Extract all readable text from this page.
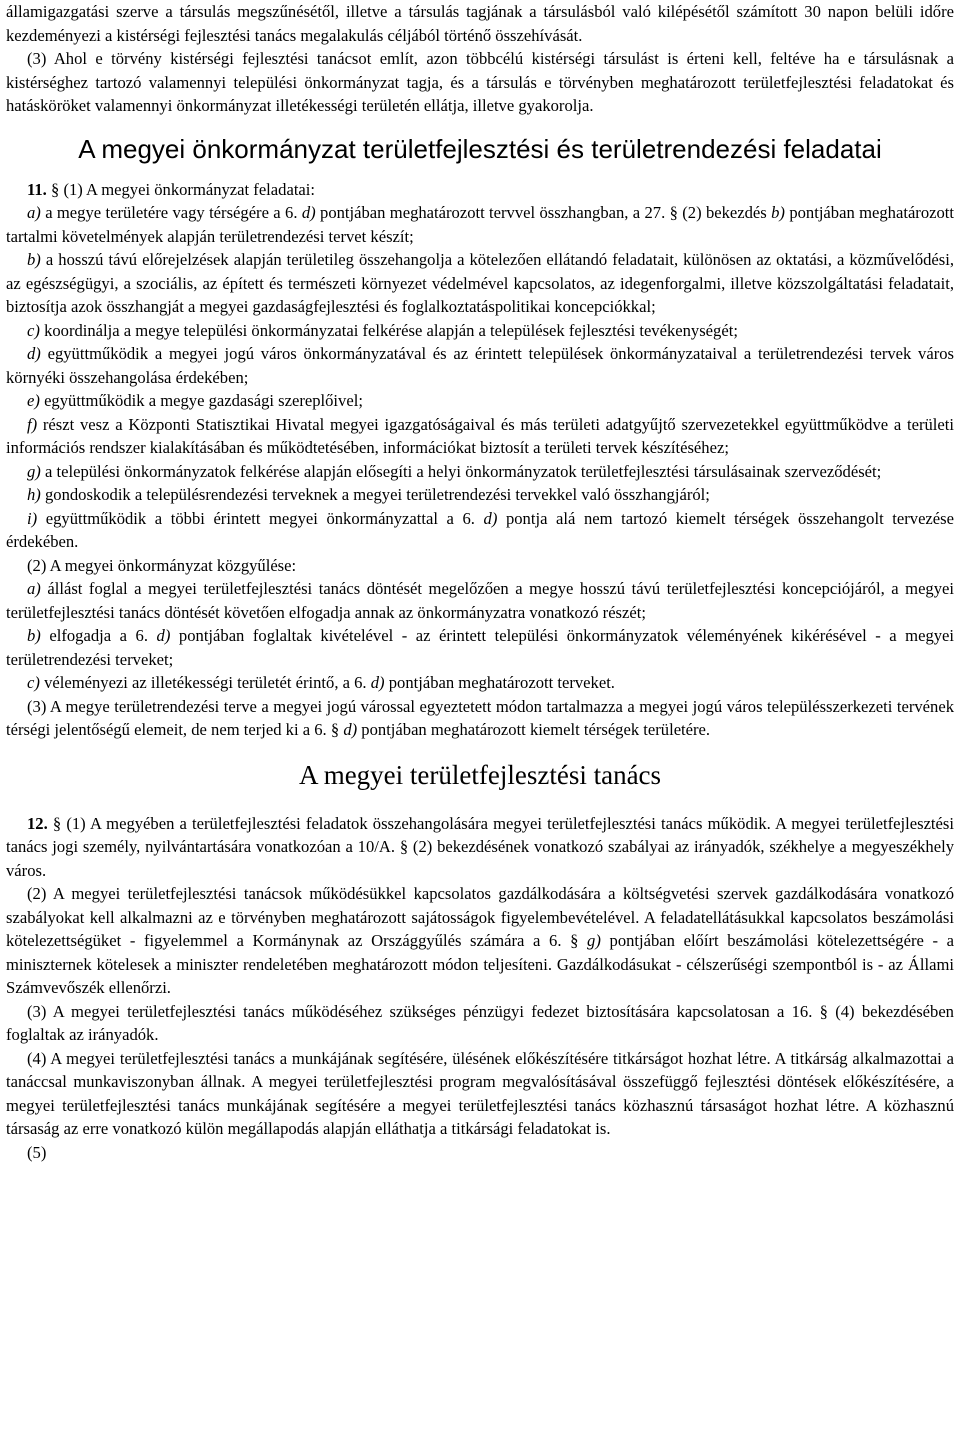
államigazgatási szerve a társulás megszűnésétől, illetve a társulás tagjának a társulásból való kilépésétől számított 30 napon belüli időre kezdeményezi a kistérségi fejlesztési tanács megalakulás céljából történő összehívását.

(3) Ahol e törvény kistérségi fejlesztési tanácsot említ, azon többcélú kistérségi társulást is érteni kell, feltéve ha e társulásnak a kistérséghez tartozó valamennyi települési önkormányzat tagja, és a társulás e törvényben meghatározott területfejlesztési feladatokat és hatásköröket valamennyi önkormányzat illetékességi területén ellátja, illetve gyakorolja.

A megyei önkormányzat területfejlesztési és területrendezési feladatai

11. § (1) A megyei önkormányzat feladatai:

a) a megye területére vagy térségére a 6. d) pontjában meghatározott tervvel összhangban, a 27. § (2) bekezdés b) pontjában meghatározott tartalmi követelmények alapján területrendezési tervet készít;

b) a hosszú távú előrejelzések alapján területileg összehangolja a kötelezően ellátandó feladatait, különösen az oktatási, a közművelődési, az egészségügyi, a szociális, az épített és természeti környezet védelmével kapcsolatos, az idegenforgalmi, illetve közszolgáltatási feladatait, biztosítja azok összhangját a megyei gazdaságfejlesztési és foglalkoztatáspolitikai koncepciókkal;

c) koordinálja a megye települési önkormányzatai felkérése alapján a települések fejlesztési tevékenységét;

d) együttműködik a megyei jogú város önkormányzatával és az érintett települések önkormányzataival a területrendezési tervek város környéki összehangolása érdekében;

e) együttműködik a megye gazdasági szereplőivel;

f) részt vesz a Központi Statisztikai Hivatal megyei igazgatóságaival és más területi adatgyűjtő szervezetekkel együttműködve a területi információs rendszer kialakításában és működtetésében, információkat biztosít a területi tervek készítéséhez;

g) a települési önkormányzatok felkérése alapján elősegíti a helyi önkormányzatok területfejlesztési társulásainak szerveződését;

h) gondoskodik a településrendezési terveknek a megyei területrendezési tervekkel való összhangjáról;

i) együttműködik a többi érintett megyei önkormányzattal a 6. d) pontja alá nem tartozó kiemelt térségek összehangolt tervezése érdekében.

(2) A megyei önkormányzat közgyűlése:

a) állást foglal a megyei területfejlesztési tanács döntését megelőzően a megye hosszú távú területfejlesztési koncepciójáról, a megyei területfejlesztési tanács döntését követően elfogadja annak az önkormányzatra vonatkozó részét;

b) elfogadja a 6. d) pontjában foglaltak kivételével - az érintett települési önkormányzatok véleményének kikérésével - a megyei területrendezési terveket;

c) véleményezi az illetékességi területét érintő, a 6. d) pontjában meghatározott terveket.

(3) A megye területrendezési terve a megyei jogú várossal egyeztetett módon tartalmazza a megyei jogú város településszerkezeti tervének térségi jelentőségű elemeit, de nem terjed ki a 6. § d) pontjában meghatározott kiemelt térségek területére.

A megyei területfejlesztési tanács

12. § (1) A megyében a területfejlesztési feladatok összehangolására megyei területfejlesztési tanács működik. A megyei területfejlesztési tanács jogi személy, nyilvántartására vonatkozóan a 10/A. § (2) bekezdésének vonatkozó szabályai az irányadók, székhelye a megyeszékhely város.

(2) A megyei területfejlesztési tanácsok működésükkel kapcsolatos gazdálkodására a költségvetési szervek gazdálkodására vonatkozó szabályokat kell alkalmazni az e törvényben meghatározott sajátosságok figyelembevételével. A feladatellátásukkal kapcsolatos beszámolási kötelezettségüket - figyelemmel a Kormánynak az Országgyűlés számára a 6. § g) pontjában előírt beszámolási kötelezettségére - a miniszternek kötelesek a miniszter rendeletében meghatározott módon teljesíteni. Gazdálkodásukat - célszerűségi szempontból is - az Állami Számvevőszék ellenőrzi.

(3) A megyei területfejlesztési tanács működéséhez szükséges pénzügyi fedezet biztosítására kapcsolatosan a 16. § (4) bekezdésében foglaltak az irányadók.

(4) A megyei területfejlesztési tanács a munkájának segítésére, ülésének előkészítésére titkárságot hozhat létre. A titkárság alkalmazottai a tanáccsal munkaviszonyban állnak. A megyei területfejlesztési program megvalósításával összefüggő fejlesztési döntések előkészítésére, a megyei területfejlesztési tanács munkájának segítésére a megyei területfejlesztési tanács közhasznú társaságot hozhat létre. A közhasznú társaság az erre vonatkozó külön megállapodás alapján elláthatja a titkársági feladatokat is.

(5)
